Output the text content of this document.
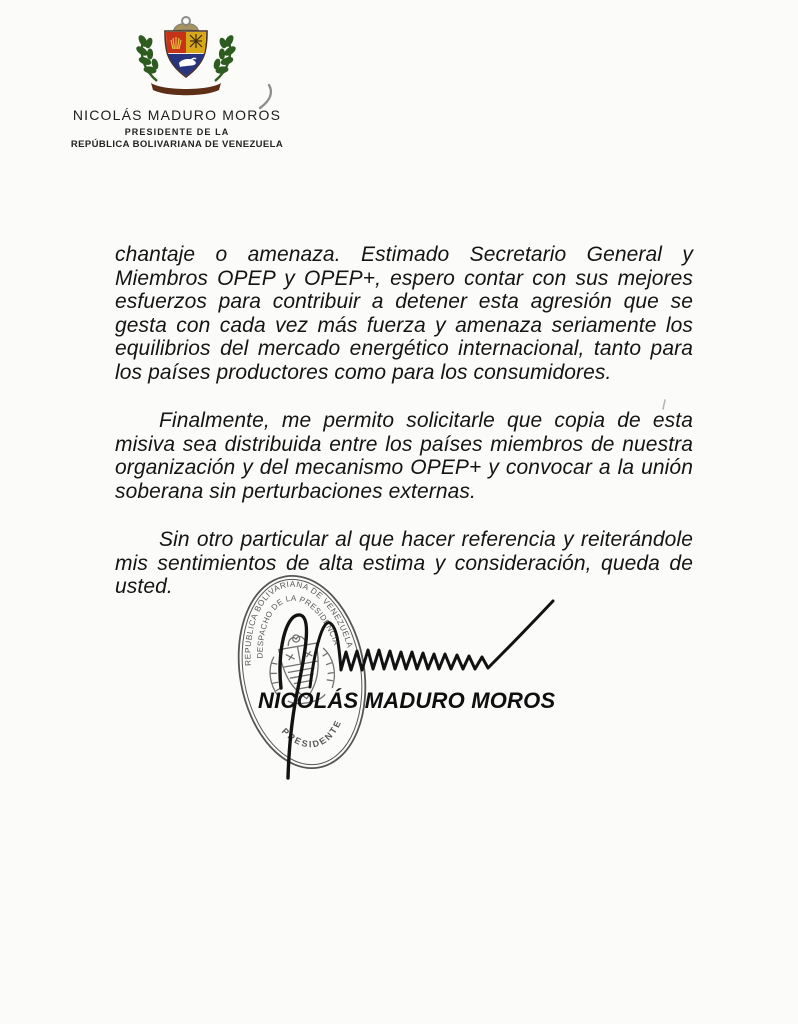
NICOLÁS MADURO MOROS
PRESIDENTE DE LA
REPÚBLICA BOLIVARIANA DE VENEZUELA

chantaje o amenaza. Estimado Secretario General y Miembros OPEP y OPEP+, espero contar con sus mejores esfuerzos para contribuir a detener esta agresión que se gesta con cada vez más fuerza y amenaza seriamente los equilibrios del mercado energético internacional, tanto para los países productores como para los consumidores.

Finalmente, me permito solicitarle que copia de esta misiva sea distribuida entre los países miembros de nuestra organización y del mecanismo OPEP+ y convocar a la unión soberana sin perturbaciones externas.

Sin otro particular al que hacer referencia y reiterándole mis sentimientos de alta estima y consideración, queda de usted.

REPUBLICA BOLIVARIANA DE VENEZUELA
DESPACHO DE LA PRESIDENCIA
PRESIDENTE
NICOLÁS MADURO MOROS
